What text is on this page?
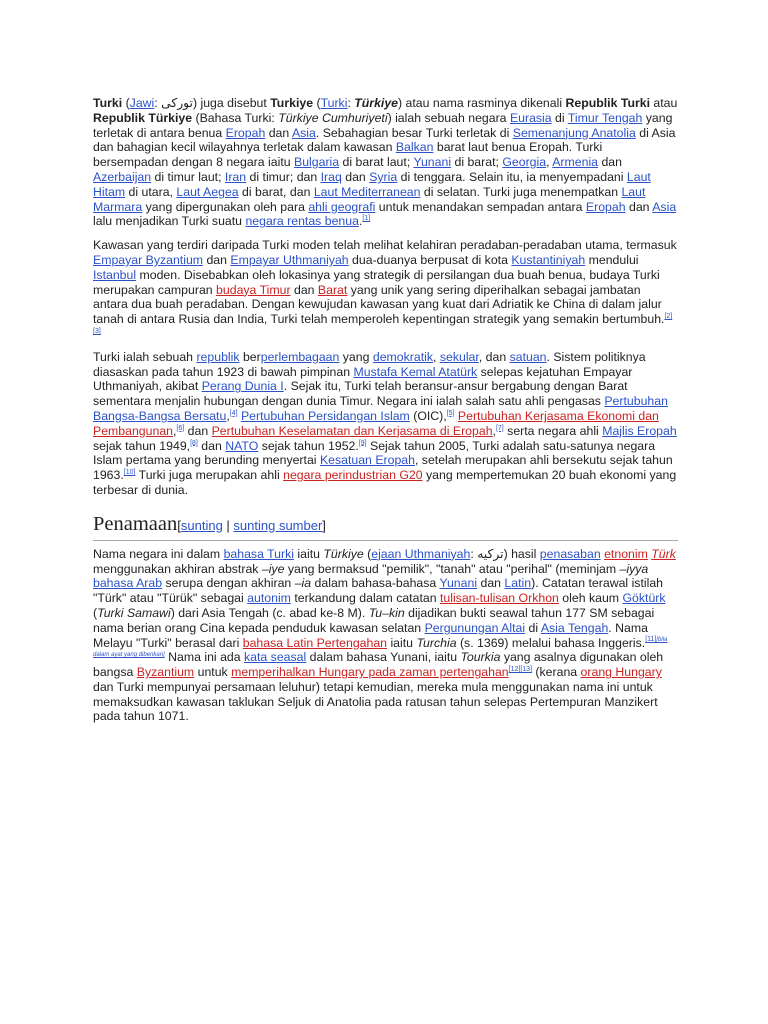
Turki (Jawi: تورکی) juga disebut Turkiye (Turki: Türkiye) atau nama rasminya dikenali Republik Turki atau Republik Türkiye (Bahasa Turki: Türkiye Cumhuriyeti) ialah sebuah negara Eurasia di Timur Tengah yang terletak di antara benua Eropah dan Asia. Sebahagian besar Turki terletak di Semenanjung Anatolia di Asia dan bahagian kecil wilayahnya terletak dalam kawasan Balkan barat laut benua Eropah. Turki bersempadan dengan 8 negara iaitu Bulgaria di barat laut; Yunani di barat; Georgia, Armenia dan Azerbaijan di timur laut; Iran di timur; dan Iraq dan Syria di tenggara. Selain itu, ia menyempadani Laut Hitam di utara, Laut Aegea di barat, dan Laut Mediterranean di selatan. Turki juga menempatkan Laut Marmara yang dipergunakan oleh para ahli geografi untuk menandakan sempadan antara Eropah dan Asia lalu menjadikan Turki suatu negara rentas benua.[1]

Kawasan yang terdiri daripada Turki moden telah melihat kelahiran peradaban-peradaban utama, termasuk Empayar Byzantium dan Empayar Uthmaniyah dua-duanya berpusat di kota Kustantiniyah mendului Istanbul moden. Disebabkan oleh lokasinya yang strategik di persilangan dua buah benua, budaya Turki merupakan campuran budaya Timur dan Barat yang unik yang sering diperihalkan sebagai jambatan antara dua buah peradaban. Dengan kewujudan kawasan yang kuat dari Adriatik ke China di dalam jalur tanah di antara Rusia dan India, Turki telah memperoleh kepentingan strategik yang semakin bertumbuh.[2][3]

Turki ialah sebuah republik berperlembagaan yang demokratik, sekular, dan satuan. Sistem politiknya diasaskan pada tahun 1923 di bawah pimpinan Mustafa Kemal Atatürk selepas kejatuhan Empayar Uthmaniyah, akibat Perang Dunia I. Sejak itu, Turki telah beransur-ansur bergabung dengan Barat sementara menjalin hubungan dengan dunia Timur. Negara ini ialah salah satu ahli pengasas Pertubuhan Bangsa-Bangsa Bersatu,[4] Pertubuhan Persidangan Islam (OIC),[5] Pertubuhan Kerjasama Ekonomi dan Pembangunan,[6] dan Pertubuhan Keselamatan dan Kerjasama di Eropah,[7] serta negara ahli Majlis Eropah sejak tahun 1949,[8] dan NATO sejak tahun 1952.[9] Sejak tahun 2005, Turki adalah satu-satunya negara Islam pertama yang berunding menyertai Kesatuan Eropah, setelah merupakan ahli bersekutu sejak tahun 1963.[10] Turki juga merupakan ahli negara perindustrian G20 yang mempertemukan 20 buah ekonomi yang terbesar di dunia.

Penamaan[sunting | sunting sumber]

Nama negara ini dalam bahasa Turki iaitu Türkiye (ejaan Uthmaniyah: ترکیه) hasil penasaban etnonim Türk menggunakan akhiran abstrak –iye yang bermaksud "pemilik", "tanah" atau "perihal" (meminjam –iyya bahasa Arab serupa dengan akhiran –ia dalam bahasa-bahasa Yunani dan Latin). Catatan terawal istilah "Türk" atau "Türük" sebagai autonim terkandung dalam catatan tulisan-tulisan Orkhon oleh kaum Göktürk (Turki Samawi) dari Asia Tengah (c. abad ke-8 M). Tu–kin dijadikan bukti seawal tahun 177 SM sebagai nama berian orang Cina kepada penduduk kawasan selatan Pergunungan Altai di Asia Tengah. Nama Melayu "Turki" berasal dari bahasa Latin Pertengahan iaitu Turchia (s. 1369) melalui bahasa Inggeris.[11][bila dalam ayat yang diberikan] Nama ini ada kata seasal dalam bahasa Yunani, iaitu Tourkia yang asalnya digunakan oleh bangsa Byzantium untuk memperihalkan Hungary pada zaman pertengahan[12][13] (kerana orang Hungary dan Turki mempunyai persamaan leluhur) tetapi kemudian, mereka mula menggunakan nama ini untuk memaksudkan kawasan taklukan Seljuk di Anatolia pada ratusan tahun selepas Pertempuran Manzikert pada tahun 1071.
